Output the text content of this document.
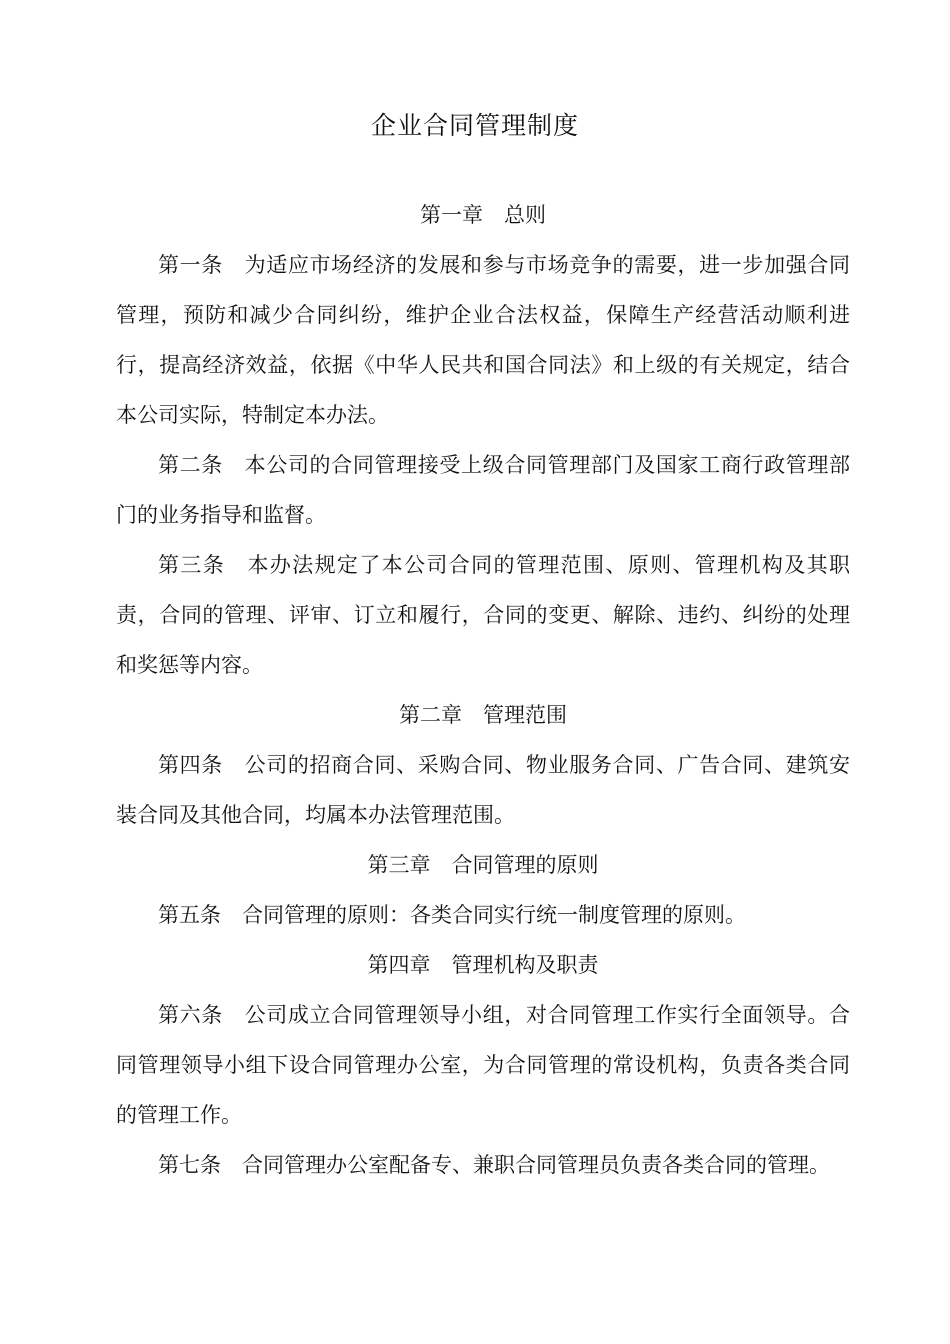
企业合同管理制度

第一章　总则

第一条　为适应市场经济的发展和参与市场竞争的需要，进一步加强合同管理，预防和减少合同纠纷，维护企业合法权益，保障生产经营活动顺利进行，提高经济效益，依据《中华人民共和国合同法》和上级的有关规定，结合本公司实际，特制定本办法。

第二条　本公司的合同管理接受上级合同管理部门及国家工商行政管理部门的业务指导和监督。

第三条　本办法规定了本公司合同的管理范围、原则、管理机构及其职责，合同的管理、评审、订立和履行，合同的变更、解除、违约、纠纷的处理和奖惩等内容。

第二章　管理范围

第四条　公司的招商合同、采购合同、物业服务合同、广告合同、建筑安装合同及其他合同，均属本办法管理范围。

第三章　合同管理的原则

第五条　合同管理的原则：各类合同实行统一制度管理的原则。

第四章　管理机构及职责

第六条　公司成立合同管理领导小组，对合同管理工作实行全面领导。合同管理领导小组下设合同管理办公室，为合同管理的常设机构，负责各类合同的管理工作。

第七条　合同管理办公室配备专、兼职合同管理员负责各类合同的管理。
